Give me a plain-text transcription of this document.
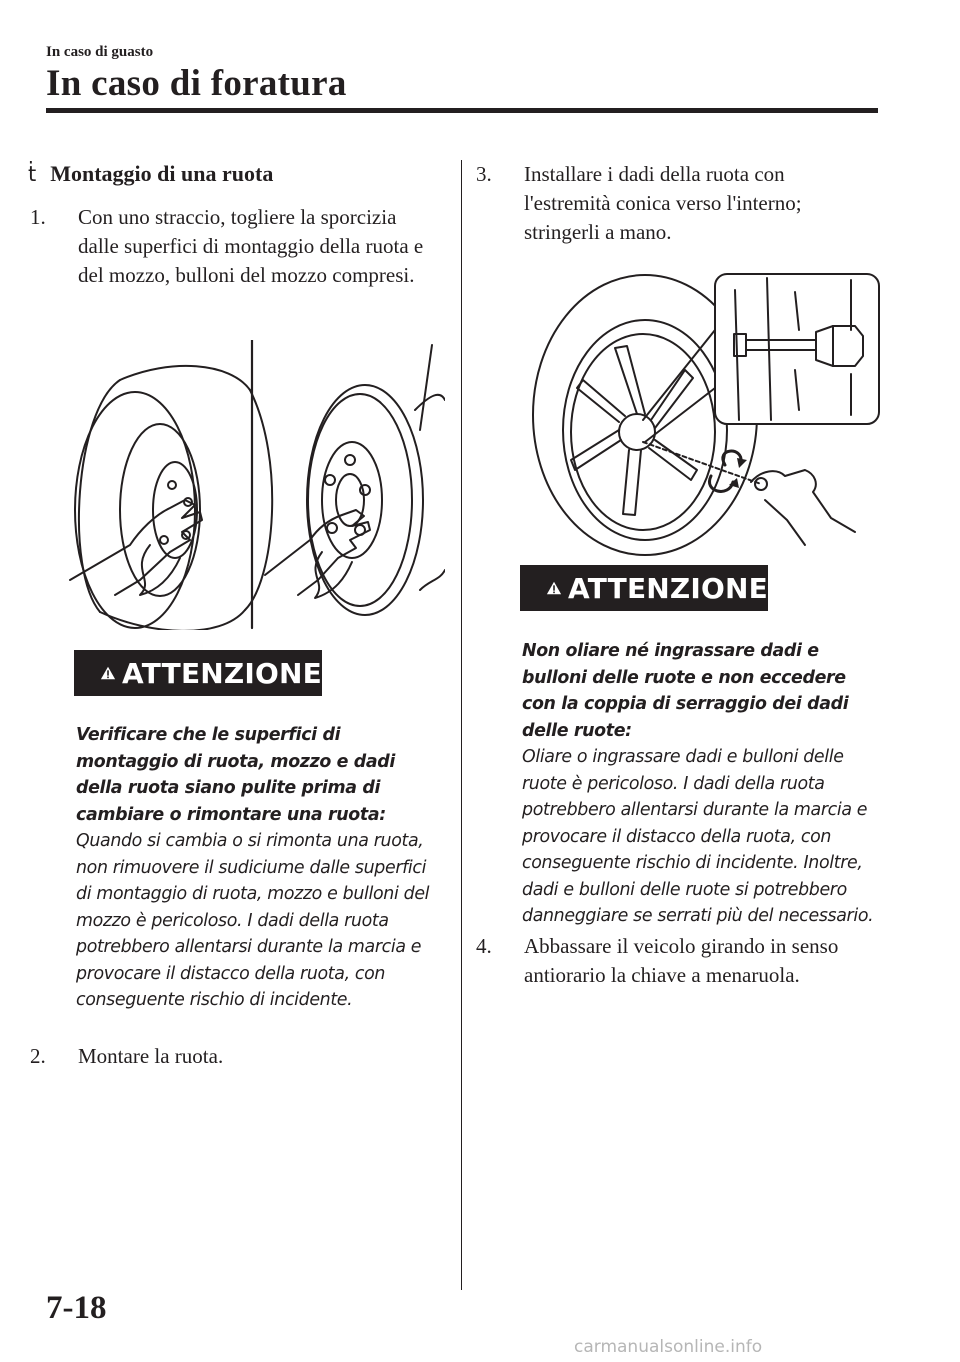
In caso di guasto
In caso di foratura
ṫ Montaggio di una ruota
1. Con uno straccio, togliere la sporcizia dalle superfici di montaggio della ruota e del mozzo, bulloni del mozzo compresi.
ATTENZIONE
Verificare che le superfici di montaggio di ruota, mozzo e dadi della ruota siano pulite prima di cambiare o rimontare una ruota:
Quando si cambia o si rimonta una ruota, non rimuovere il sudiciume dalle superfici di montaggio di ruota, mozzo e bulloni del mozzo è pericoloso. I dadi della ruota potrebbero allentarsi durante la marcia e provocare il distacco della ruota, con conseguente rischio di incidente.
2. Montare la ruota.
3. Installare i dadi della ruota con l'estremità conica verso l'interno; stringerli a mano.
ATTENZIONE
Non oliare né ingrassare dadi e bulloni delle ruote e non eccedere con la coppia di serraggio dei dadi delle ruote:
Oliare o ingrassare dadi e bulloni delle ruote è pericoloso. I dadi della ruota potrebbero allentarsi durante la marcia e provocare il distacco della ruota, con conseguente rischio di incidente. Inoltre, dadi e bulloni delle ruote si potrebbero danneggiare se serrati più del necessario.
4. Abbassare il veicolo girando in senso antiorario la chiave a menaruola.
7-18
carmanualsonline.info
